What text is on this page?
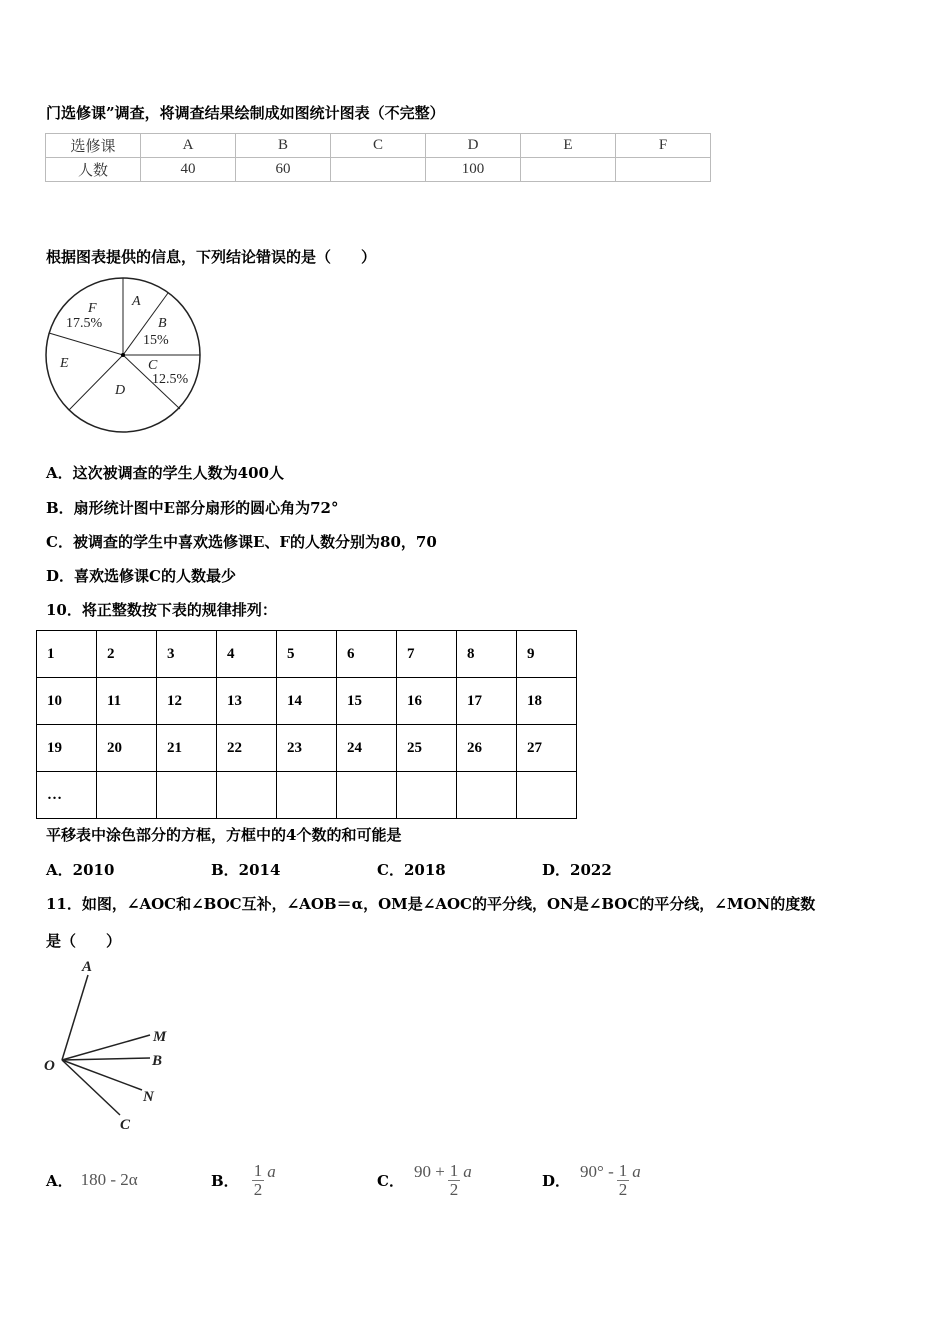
门选修课”调查，将调查结果绘制成如图统计图表（不完整）
选修课	A	B	C	D	E	F
人数	40	60		100		
根据图表提供的信息，下列结论错误的是（　　）
A
B
15%
C
12.5%
D
E
F
17.5%
A．这次被调查的学生人数为400人
B．扇形统计图中E部分扇形的圆心角为72°
C．被调查的学生中喜欢选修课E、F的人数分别为80，70
D．喜欢选修课C的人数最少
10．将正整数按下表的规律排列：
1	2	3	4	5	6	7	8	9
10	11	12	13	14	15	16	17	18
19	20	21	22	23	24	25	26	27
…								
平移表中涂色部分的方框，方框中的4个数的和可能是
A．2010	B．2014	C．2018	D．2022
11．如图，∠AOC和∠BOC互补，∠AOB＝α，OM是∠AOC的平分线，ON是∠BOC的平分线，∠MON的度数
是（　　）
A
M
B
O
N
C
A． 180 - 2α	B． $\frac{1}{2}$ a	C． $90 + \frac{1}{2}$ a	D． $90^\circ - \frac{1}{2}$ a
